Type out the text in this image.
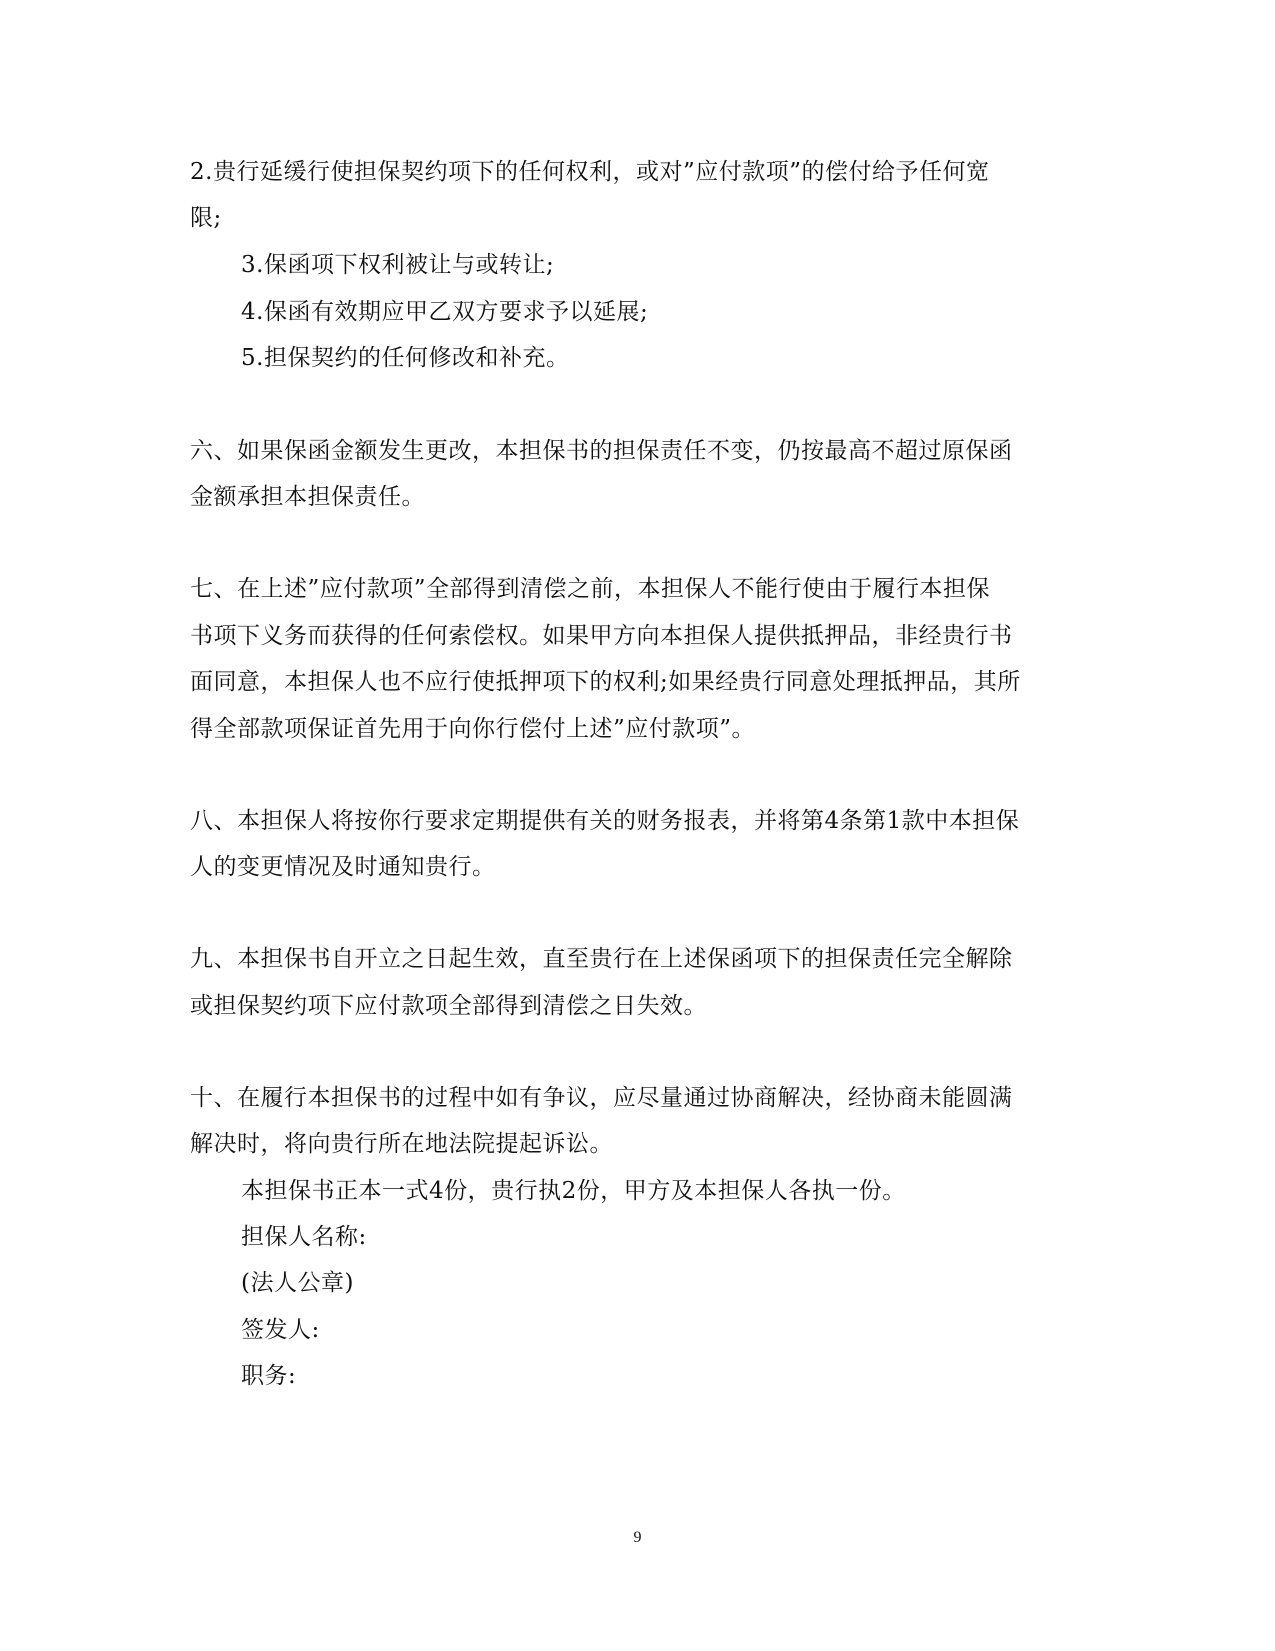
2.贵行延缓行使担保契约项下的任何权利，或对”应付款项”的偿付给予任何宽
限;
3.保函项下权利被让与或转让;
4.保函有效期应甲乙双方要求予以延展;
5.担保契约的任何修改和补充。
六、如果保函金额发生更改，本担保书的担保责任不变，仍按最高不超过原保函
金额承担本担保责任。
七、在上述”应付款项”全部得到清偿之前，本担保人不能行使由于履行本担保
书项下义务而获得的任何索偿权。如果甲方向本担保人提供抵押品，非经贵行书
面同意，本担保人也不应行使抵押项下的权利;如果经贵行同意处理抵押品，其所
得全部款项保证首先用于向你行偿付上述”应付款项”。
八、本担保人将按你行要求定期提供有关的财务报表，并将第4条第1款中本担保
人的变更情况及时通知贵行。
九、本担保书自开立之日起生效，直至贵行在上述保函项下的担保责任完全解除
或担保契约项下应付款项全部得到清偿之日失效。
十、在履行本担保书的过程中如有争议，应尽量通过协商解决，经协商未能圆满
解决时，将向贵行所在地法院提起诉讼。
本担保书正本一式4份，贵行执2份，甲方及本担保人各执一份。
担保人名称:
(法人公章)
签发人:
职务:
9
